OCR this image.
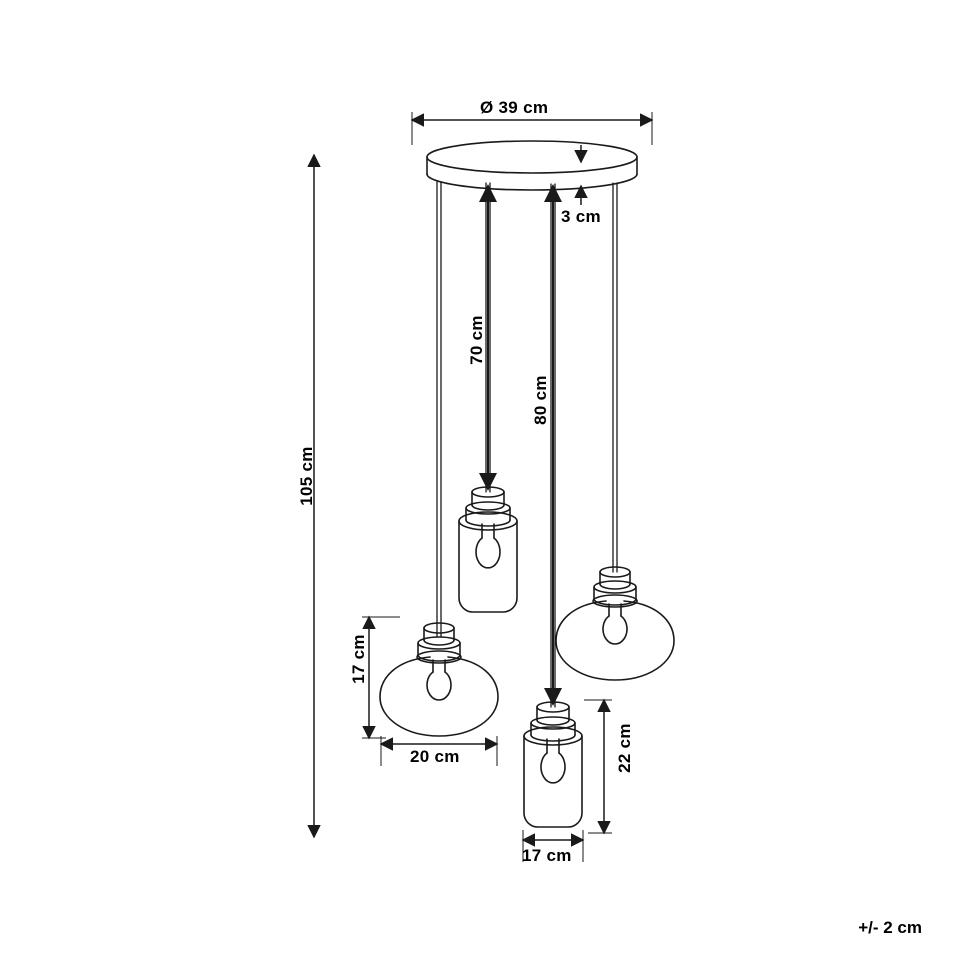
Ø 39 cm
3 cm
70 cm
80 cm
105 cm
17 cm
20 cm	22 cm
17 cm
+/- 2 cm
